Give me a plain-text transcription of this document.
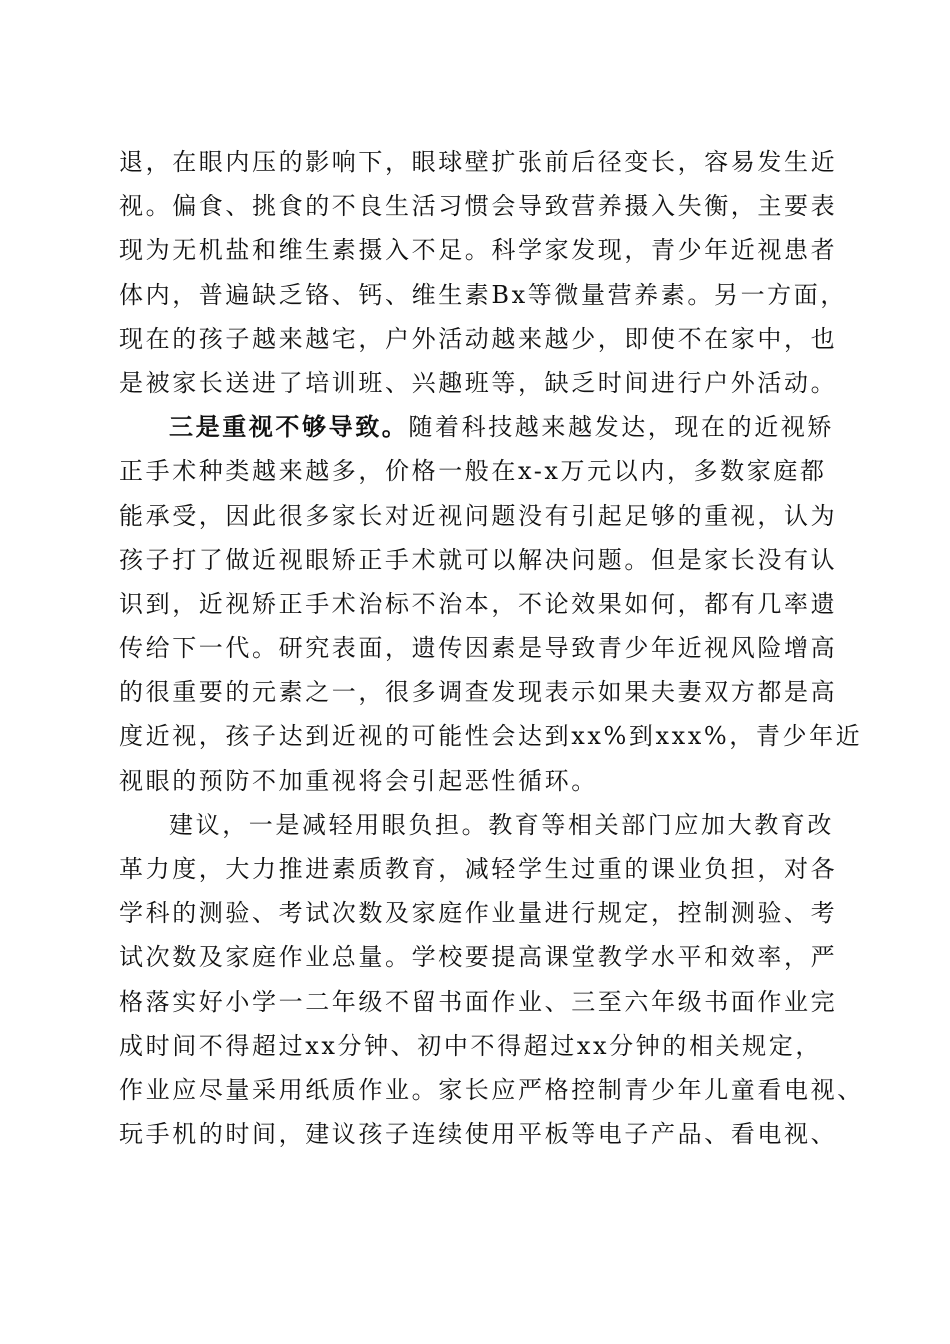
退，在眼内压的影响下，眼球壁扩张前后径变长，容易发生近
视。偏食、挑食的不良生活习惯会导致营养摄入失衡，主要表
现为无机盐和维生素摄入不足。科学家发现，青少年近视患者
体内，普遍缺乏铬、钙、维生素Bx等微量营养素。另一方面，
现在的孩子越来越宅，户外活动越来越少，即使不在家中，也
是被家长送进了培训班、兴趣班等，缺乏时间进行户外活动。
三是重视不够导致。随着科技越来越发达，现在的近视矫
正手术种类越来越多，价格一般在x-x万元以内，多数家庭都
能承受，因此很多家长对近视问题没有引起足够的重视，认为
孩子打了做近视眼矫正手术就可以解决问题。但是家长没有认
识到，近视矫正手术治标不治本，不论效果如何，都有几率遗
传给下一代。研究表面，遗传因素是导致青少年近视风险增高
的很重要的元素之一，很多调查发现表示如果夫妻双方都是高
度近视，孩子达到近视的可能性会达到xx%到xxx%，青少年近
视眼的预防不加重视将会引起恶性循环。
建议，一是减轻用眼负担。教育等相关部门应加大教育改
革力度，大力推进素质教育，减轻学生过重的课业负担，对各
学科的测验、考试次数及家庭作业量进行规定，控制测验、考
试次数及家庭作业总量。学校要提高课堂教学水平和效率，严
格落实好小学一二年级不留书面作业、三至六年级书面作业完
成时间不得超过xx分钟、初中不得超过xx分钟的相关规定，
作业应尽量采用纸质作业。家长应严格控制青少年儿童看电视、
玩手机的时间，建议孩子连续使用平板等电子产品、看电视、
